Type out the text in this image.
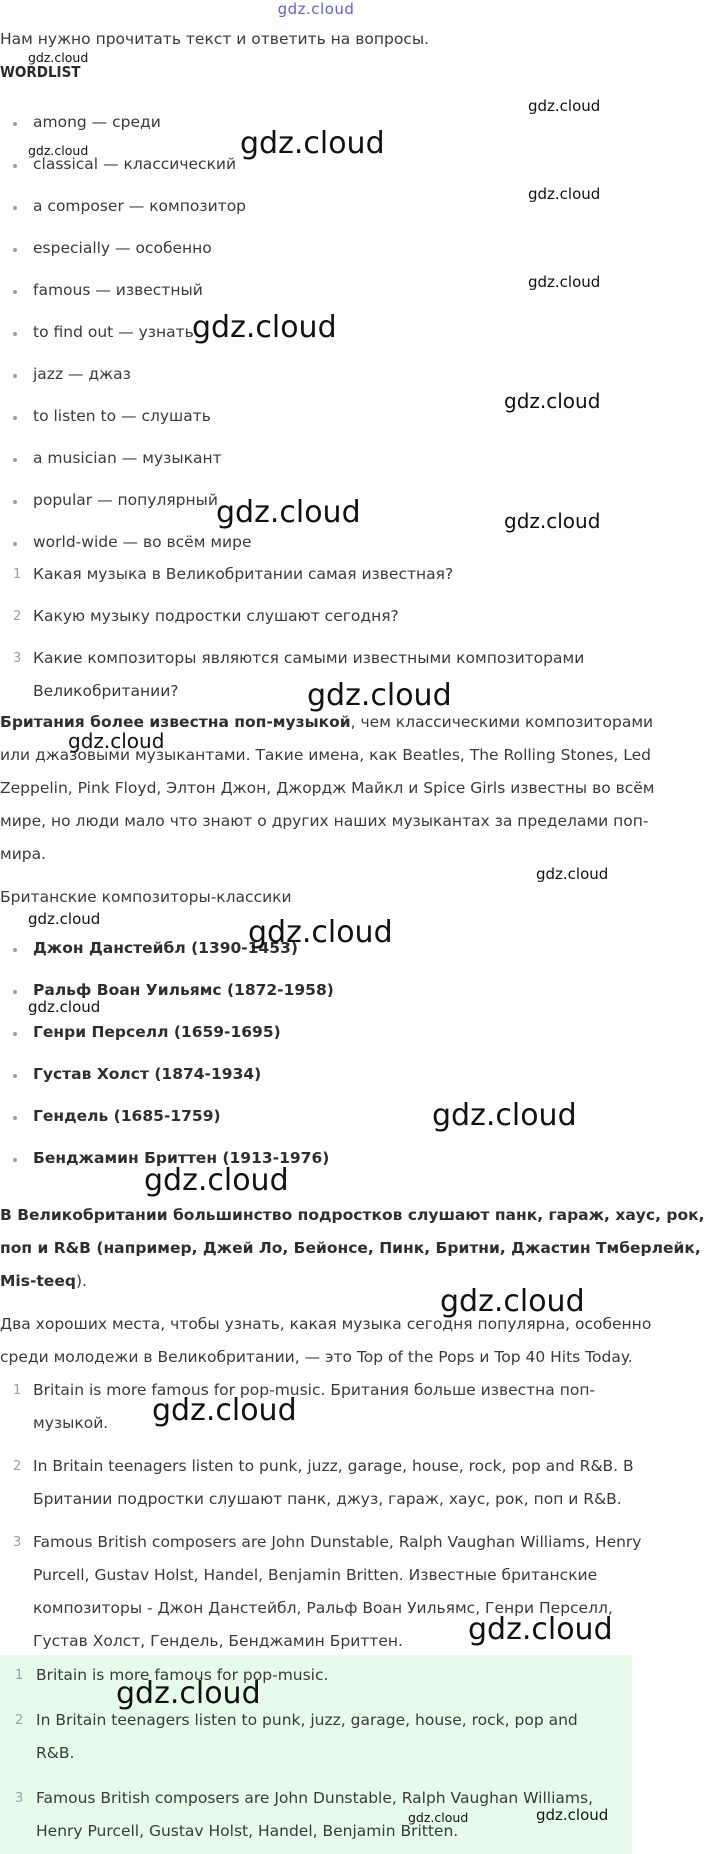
gdz.cloud
Нам нужно прочитать текст и ответить на вопросы.
WORDLIST
among — среди
classical — классический
a composer — композитор
especially — особенно
famous — известный
to find out — узнать
jazz — джаз
to listen to — слушать
a musician — музыкант
popular — популярный
world-wide — во всём мире
1 Какая музыка в Великобритании самая известная?
2 Какую музыку подростки слушают сегодня?
3 Какие композиторы являются самыми известными композиторами
Великобритании?
Британия более известна поп-музыкой, чем классическими композиторами
или джазовыми музыкантами. Такие имена, как Beatles, The Rolling Stones, Led
Zeppelin, Pink Floyd, Элтон Джон, Джордж Майкл и Spice Girls известны во всём
мире, но люди мало что знают о других наших музыкантах за пределами поп-
мира.
Британские композиторы-классики
Джон Данстейбл (1390-1453)
Ральф Воан Уильямс (1872-1958)
Генри Перселл (1659-1695)
Густав Холст (1874-1934)
Гендель (1685-1759)
Бенджамин Бриттен (1913-1976)
В Великобритании большинство подростков слушают панк, гараж, хаус, рок,
поп и R&B (например, Джей Ло, Бейонсе, Пинк, Бритни, Джастин Тмберлейк,
Mis-teeq).
Два хороших места, чтобы узнать, какая музыка сегодня популярна, особенно
среди молодежи в Великобритании, — это Top of the Pops и Top 40 Hits Today.
1 Britain is more famous for pop-music. Британия больше известна поп-
музыкой.
2 In Britain teenagers listen to punk, juzz, garage, house, rock, pop and R&B. В
Британии подростки слушают панк, джуз, гараж, хаус, рок, поп и R&B.
3 Famous British composers are John Dunstable, Ralph Vaughan Williams, Henry
Purcell, Gustav Holst, Handel, Benjamin Britten. Известные британские
композиторы - Джон Данстейбл, Ральф Воан Уильямс, Генри Перселл,
Густав Холст, Гендель, Бенджамин Бриттен.
1 Britain is more famous for pop-music.
2 In Britain teenagers listen to punk, juzz, garage, house, rock, pop and
R&B.
3 Famous British composers are John Dunstable, Ralph Vaughan Williams,
Henry Purcell, Gustav Holst, Handel, Benjamin Britten.
gdz.cloud
gdz.cloud
gdz.cloud	gdz.cloud
gdz.cloud
gdz.cloud
gdz.cloud
gdz.cloud
gdz.cloud	gdz.cloud
gdz.cloud
gdz.cloud
gdz.cloud
gdz.cloud	gdz.cloud
gdz.cloud
gdz.cloud
gdz.cloud
gdz.cloud
gdz.cloud
gdz.cloud
gdz.cloud
gdz.cloud	gdz.cloud
